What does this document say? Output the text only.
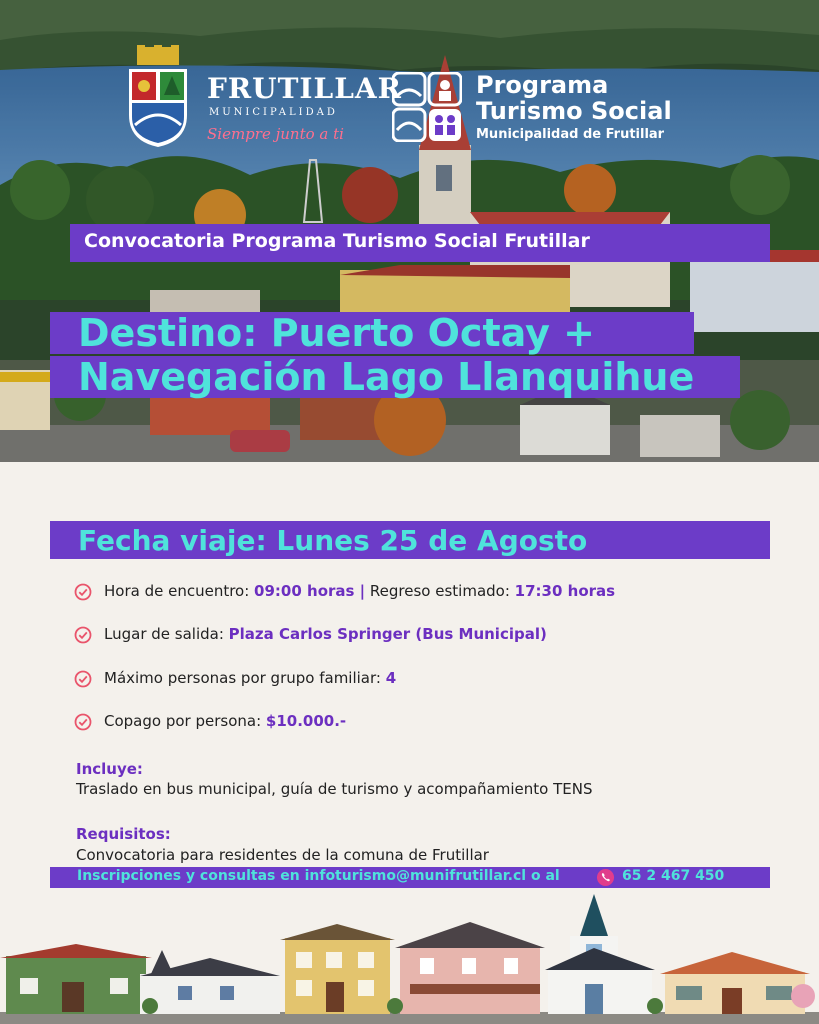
FRUTILLAR
MUNICIPALIDAD
Siempre junto a ti
Programa
Turismo Social
Municipalidad de Frutillar
Convocatoria Programa Turismo Social Frutillar
Destino: Puerto Octay +
Navegación Lago Llanquihue
Fecha viaje: Lunes 25 de Agosto
Hora de encuentro: 09:00 horas | Regreso estimado: 17:30 horas
Lugar de salida: Plaza Carlos Springer (Bus Municipal)
Máximo personas por grupo familiar: 4
Copago por persona: $10.000.-
Incluye:
Traslado en bus municipal, guía de turismo y acompañamiento TENS
Requisitos:
Convocatoria para residentes de la comuna de Frutillar
Inscripciones y consultas en infoturismo@munifrutillar.cl o al	65 2 467 450
